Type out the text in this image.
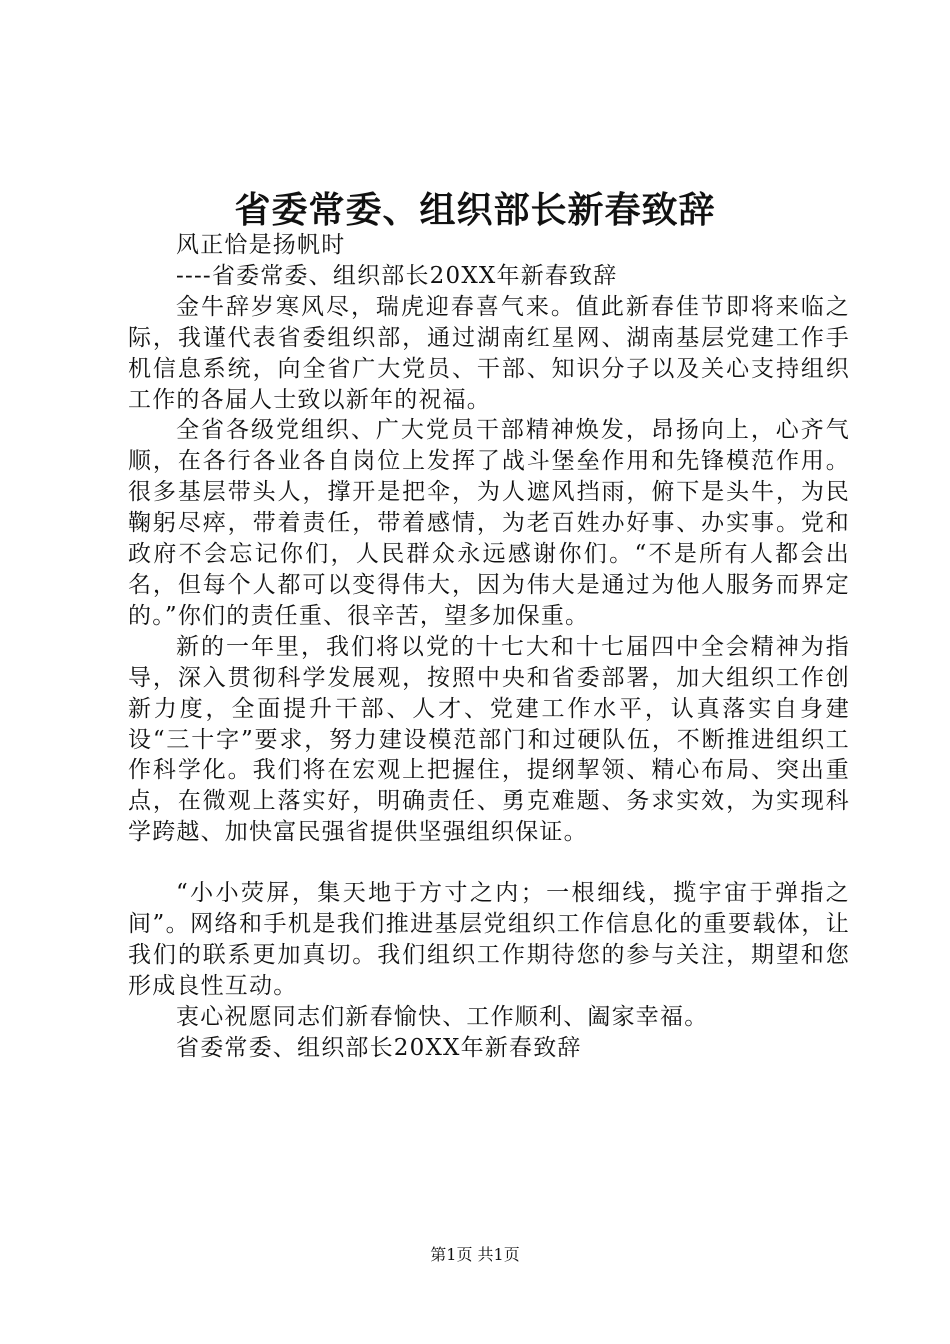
省委常委、组织部长新春致辞

风正恰是扬帆时

----省委常委、组织部长20XX年新春致辞

金牛辞岁寒风尽，瑞虎迎春喜气来。值此新春佳节即将来临之际，我谨代表省委组织部，通过湖南红星网、湖南基层党建工作手机信息系统，向全省广大党员、干部、知识分子以及关心支持组织工作的各届人士致以新年的祝福。

全省各级党组织、广大党员干部精神焕发，昂扬向上，心齐气顺，在各行各业各自岗位上发挥了战斗堡垒作用和先锋模范作用。很多基层带头人，撑开是把伞，为人遮风挡雨，俯下是头牛，为民鞠躬尽瘁，带着责任，带着感情，为老百姓办好事、办实事。党和政府不会忘记你们，人民群众永远感谢你们。“不是所有人都会出名，但每个人都可以变得伟大，因为伟大是通过为他人服务而界定的。”你们的责任重、很辛苦，望多加保重。

新的一年里，我们将以党的十七大和十七届四中全会精神为指导，深入贯彻科学发展观，按照中央和省委部署，加大组织工作创新力度，全面提升干部、人才、党建工作水平，认真落实自身建设“三十字”要求，努力建设模范部门和过硬队伍，不断推进组织工作科学化。我们将在宏观上把握住，提纲挈领、精心布局、突出重点，在微观上落实好，明确责任、勇克难题、务求实效，为实现科学跨越、加快富民强省提供坚强组织保证。

“小小荧屏，集天地于方寸之内；一根细线，揽宇宙于弹指之间”。网络和手机是我们推进基层党组织工作信息化的重要载体，让我们的联系更加真切。我们组织工作期待您的参与关注，期望和您形成良性互动。

衷心祝愿同志们新春愉快、工作顺利、阖家幸福。

省委常委、组织部长20XX年新春致辞

第1页 共1页
